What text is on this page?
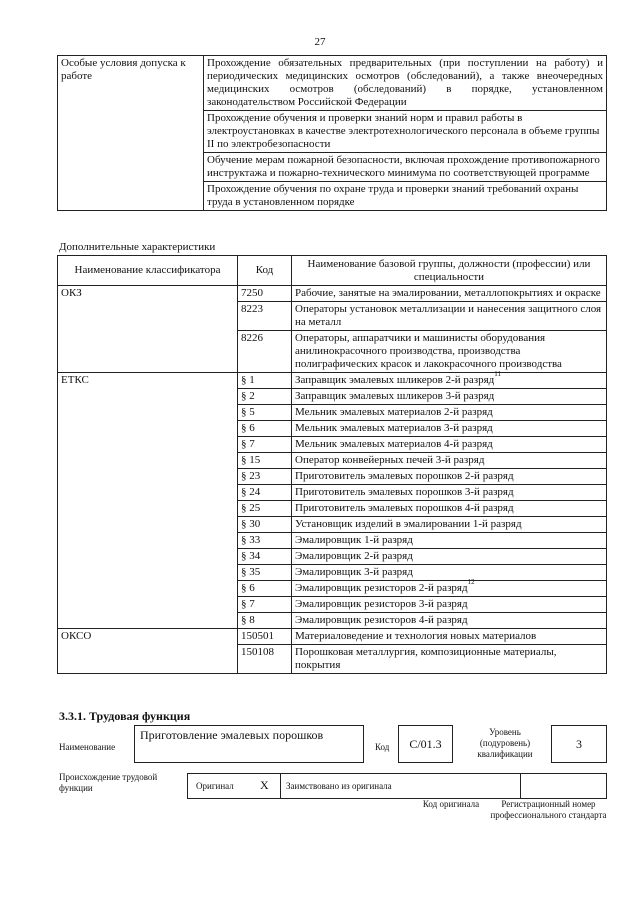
27
Особые условия допуска к работе	Прохождение обязательных предварительных (при поступлении на работу) и периодических медицинских осмотров (обследований), а также внеочередных медицинских осмотров (обследований) в порядке, установленном законодательством Российской Федерации
Прохождение обучения и проверки знаний норм и правил работы в электроустановках в качестве электротехнологического персонала в объеме группы II по электробезопасности
Обучение мерам пожарной безопасности, включая прохождение противопожарного инструктажа и пожарно-технического минимума по соответствующей программе
Прохождение обучения по охране труда и проверки знаний требований охраны труда в установленном порядке
Дополнительные характеристики
Наименование классификатора	Код	Наименование базовой группы, должности (профессии) или специальности
ОКЗ	7250	Рабочие, занятые на эмалировании, металлопокрытиях и окраске
	8223	Операторы установок металлизации и нанесения защитного слоя на металл
	8226	Операторы, аппаратчики и машинисты оборудования анилинокрасочного производства, производства полиграфических красок и лакокрасочного производства
ЕТКС	§ 1	Заправщик эмалевых шликеров 2-й разряд$^{11}$
	§ 2	Заправщик эмалевых шликеров 3-й разряд
	§ 5	Мельник эмалевых материалов 2-й разряд
	§ 6	Мельник эмалевых материалов 3-й разряд
	§ 7	Мельник эмалевых материалов 4-й разряд
	§ 15	Оператор конвейерных печей 3-й разряд
	§ 23	Приготовитель эмалевых порошков 2-й разряд
	§ 24	Приготовитель эмалевых порошков 3-й разряд
	§ 25	Приготовитель эмалевых порошков 4-й разряд
	§ 30	Установщик изделий в эмалировании 1-й разряд
	§ 33	Эмалировщик 1-й разряд
	§ 34	Эмалировщик 2-й разряд
	§ 35	Эмалировщик 3-й разряд
	§ 6	Эмалировщик резисторов 2-й разряд$^{12}$
	§ 7	Эмалировщик резисторов 3-й разряд
	§ 8	Эмалировщик резисторов 4-й разряд
ОКСО	150501	Материаловедение и технология новых материалов
	150108	Порошковая металлургия, композиционные материалы, покрытия
3.3.1. Трудовая функция
Наименование
Приготовление эмалевых порошков
Код C/01.3
Уровень (подуровень) квалификации
3
Происхождение трудовой функции	Оригинал X Заимствовано из оригинала
Код оригинала	Регистрационный номер профессионального стандарта
